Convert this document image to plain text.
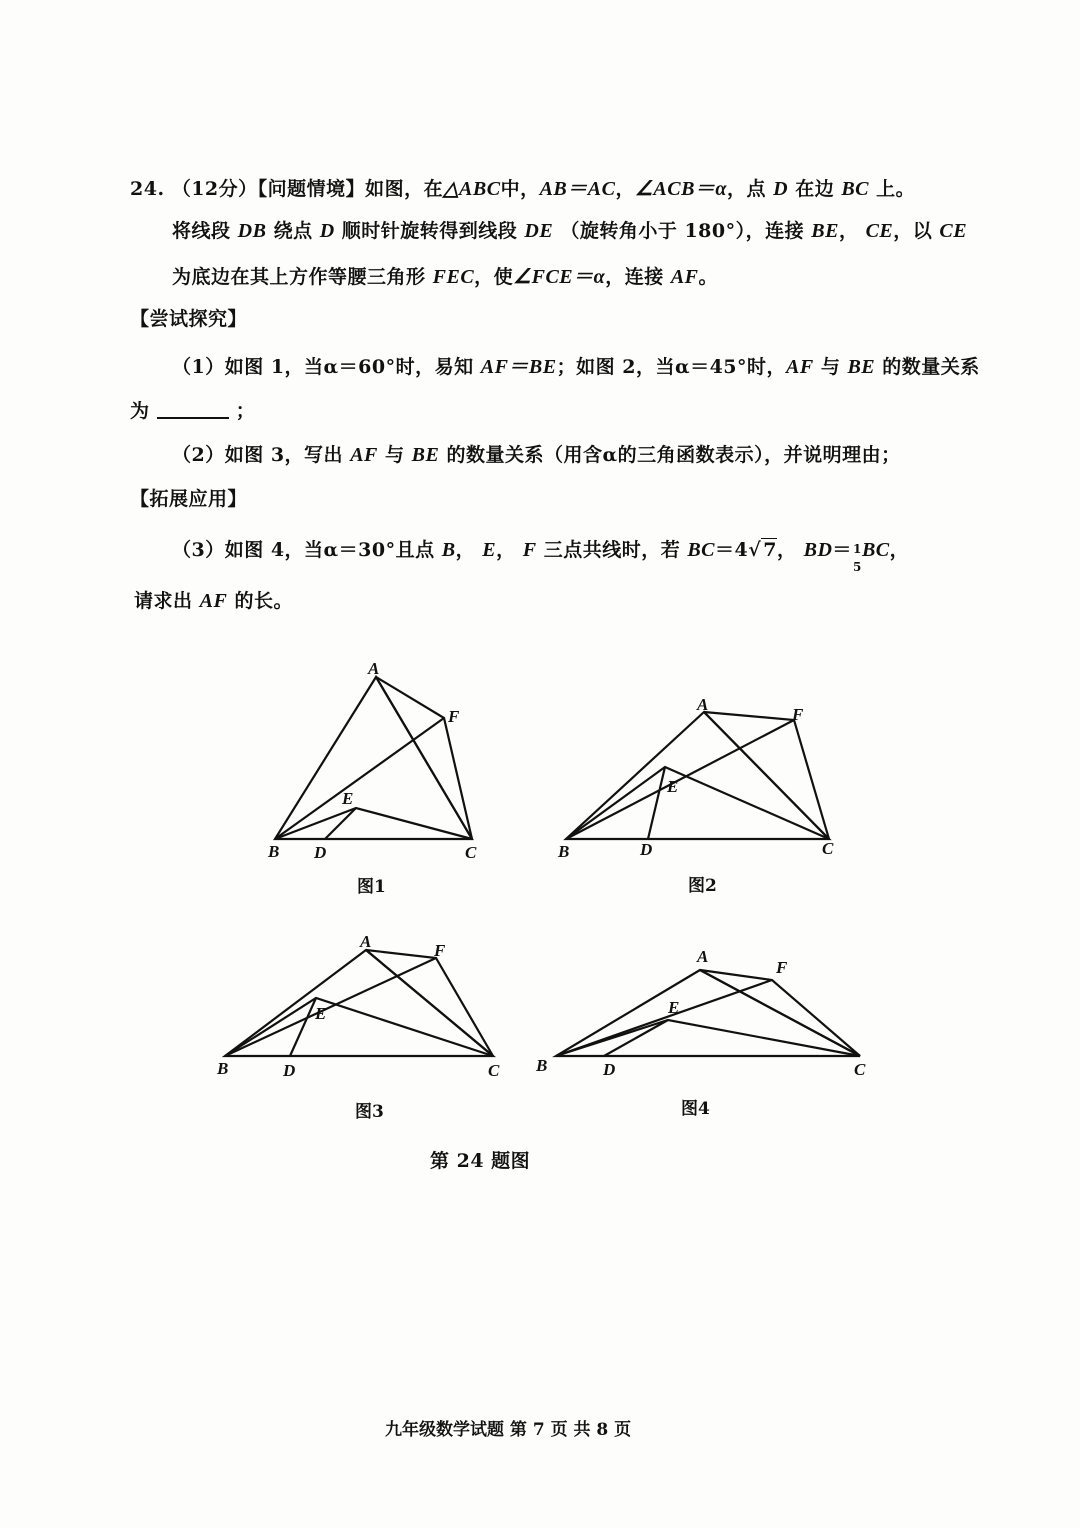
24. （12分）【问题情境】如图，在△ABC中，AB＝AC，∠ACB＝α，点 D 在边 BC 上。
将线段 DB 绕点 D 顺时针旋转得到线段 DE （旋转角小于 180°），连接 BE， CE，以 CE
为底边在其上方作等腰三角形 FEC，使∠FCE＝α，连接 AF。
【尝试探究】
（1）如图 1，当α＝60°时，易知 AF＝BE；如图 2，当α＝45°时，AF 与 BE 的数量关系
为	；
（2）如图 3，写出 AF 与 BE 的数量关系（用含α的三角函数表示），并说明理由；
【拓展应用】
（3）如图 4，当α＝30°且点 B， E， F 三点共线时，若 BC＝4√ 7， BD＝ 1
5
BC，
请求出 AF 的长。
A
F
E
B D	C
A
F
E
B	D	C
A	F
E
B	D	C
A
F
E
B	D	C
图1	图2
图3	图4
第 24 题图
九年级数学试题 第 7 页 共 8 页
